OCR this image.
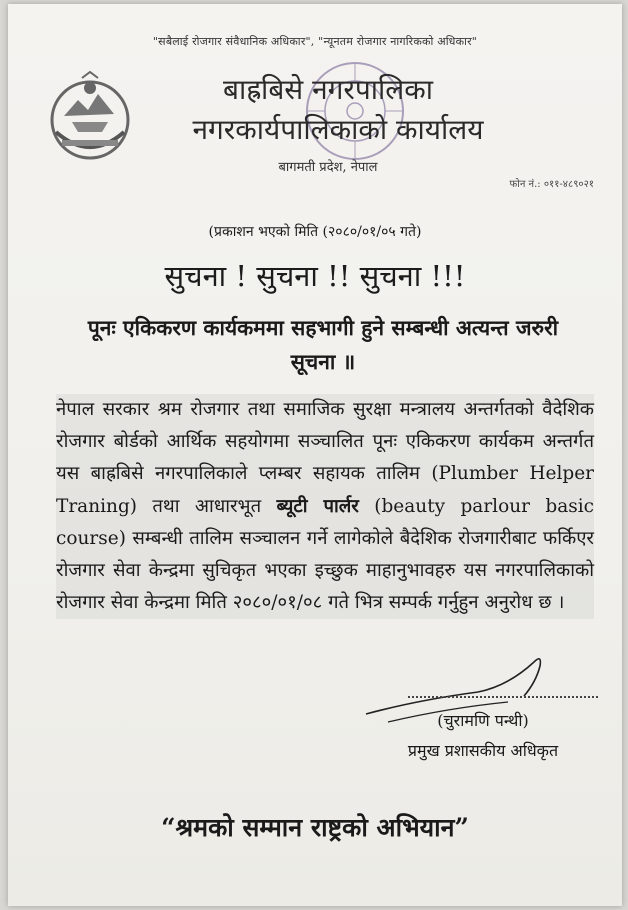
"सबैलाई रोजगार संवैधानिक अधिकार", "न्यूनतम रोजगार नागरिकको अधिकार"
बाह्रबिसे नगरपालिका
नगरकार्यपालिकाको कार्यालय
बागमती प्रदेश, नेपाल
फोन नं.: ०११-४८९०२१
(प्रकाशन भएको मिति (२०८०/०१/०५ गते)
सुचना ! सुचना !! सुचना !!!
पूनः एकिकरण कार्यकममा सहभागी हुने सम्बन्धी अत्यन्त जरुरी सूचना ॥
नेपाल सरकार श्रम रोजगार तथा समाजिक सुरक्षा मन्त्रालय अन्तर्गतको वैदेशिक रोजगार बोर्डको आर्थिक सहयोगमा सञ्चालित पूनः एकिकरण कार्यकम अन्तर्गत यस बाह्रबिसे नगरपालिकाले प्लम्बर सहायक तालिम (Plumber Helper Traning) तथा आधारभूत ब्यूटी पार्लर (beauty parlour basic course) सम्बन्धी तालिम सञ्चालन गर्ने लागेकोले बैदेशिक रोजगारीबाट फर्किएर रोजगार सेवा केन्द्रमा सुचिकृत भएका इच्छुक माहानुभावहरु यस नगरपालिकाको रोजगार सेवा केन्द्रमा मिति २०८०/०१/०८ गते भित्र सम्पर्क गर्नुहुन अनुरोध छ ।
(चुरामणि पन्थी)
प्रमुख प्रशासकीय अधिकृत
“श्रमको सम्मान राष्ट्रको अभियान”
